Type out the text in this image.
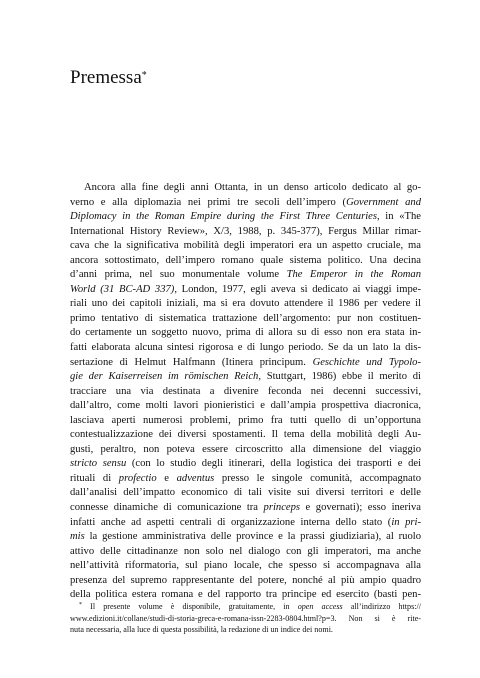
Premessa*
Ancora alla fine degli anni Ottanta, in un denso articolo dedicato al go-
verno e alla diplomazia nei primi tre secoli dell’impero (Government and
Diplomacy in the Roman Empire during the First Three Centuries, in «The
International History Review», X/3, 1988, p. 345-377), Fergus Millar rimar-
cava che la significativa mobilità degli imperatori era un aspetto cruciale, ma
ancora sottostimato, dell’impero romano quale sistema politico. Una decina
d’anni prima, nel suo monumentale volume The Emperor in the Roman
World (31 BC-AD 337), London, 1977, egli aveva sì dedicato ai viaggi impe-
riali uno dei capitoli iniziali, ma si era dovuto attendere il 1986 per vedere il
primo tentativo di sistematica trattazione dell’argomento: pur non costituen-
do certamente un soggetto nuovo, prima di allora su di esso non era stata in-
fatti elaborata alcuna sintesi rigorosa e di lungo periodo. Se da un lato la dis-
sertazione di Helmut Halfmann (Itinera principum. Geschichte und Typolo-
gie der Kaiserreisen im römischen Reich, Stuttgart, 1986) ebbe il merito di
tracciare una via destinata a divenire feconda nei decenni successivi,
dall’altro, come molti lavori pionieristici e dall’ampia prospettiva diacronica,
lasciava aperti numerosi problemi, primo fra tutti quello di un’opportuna
contestualizzazione dei diversi spostamenti. Il tema della mobilità degli Au-
gusti, peraltro, non poteva essere circoscritto alla dimensione del viaggio
stricto sensu (con lo studio degli itinerari, della logistica dei trasporti e dei
rituali di profectio e adventus presso le singole comunità, accompagnato
dall’analisi dell’impatto economico di tali visite sui diversi territori e delle
connesse dinamiche di comunicazione tra princeps e governati); esso ineriva
infatti anche ad aspetti centrali di organizzazione interna dello stato (in pri-
mis la gestione amministrativa delle province e la prassi giudiziaria), al ruolo
attivo delle cittadinanze non solo nel dialogo con gli imperatori, ma anche
nell’attività riformatoria, sul piano locale, che spesso si accompagnava alla
presenza del supremo rappresentante del potere, nonché al più ampio quadro
della politica estera romana e del rapporto tra principe ed esercito (basti pen-
* Il presente volume è disponibile, gratuitamente, in open access all’indirizzo https://
www.edizioni.it/collane/studi-di-storia-greca-e-romana-issn-2283-0804.html?p=3. Non si è rite-
nuta necessaria, alla luce di questa possibilità, la redazione di un indice dei nomi.
